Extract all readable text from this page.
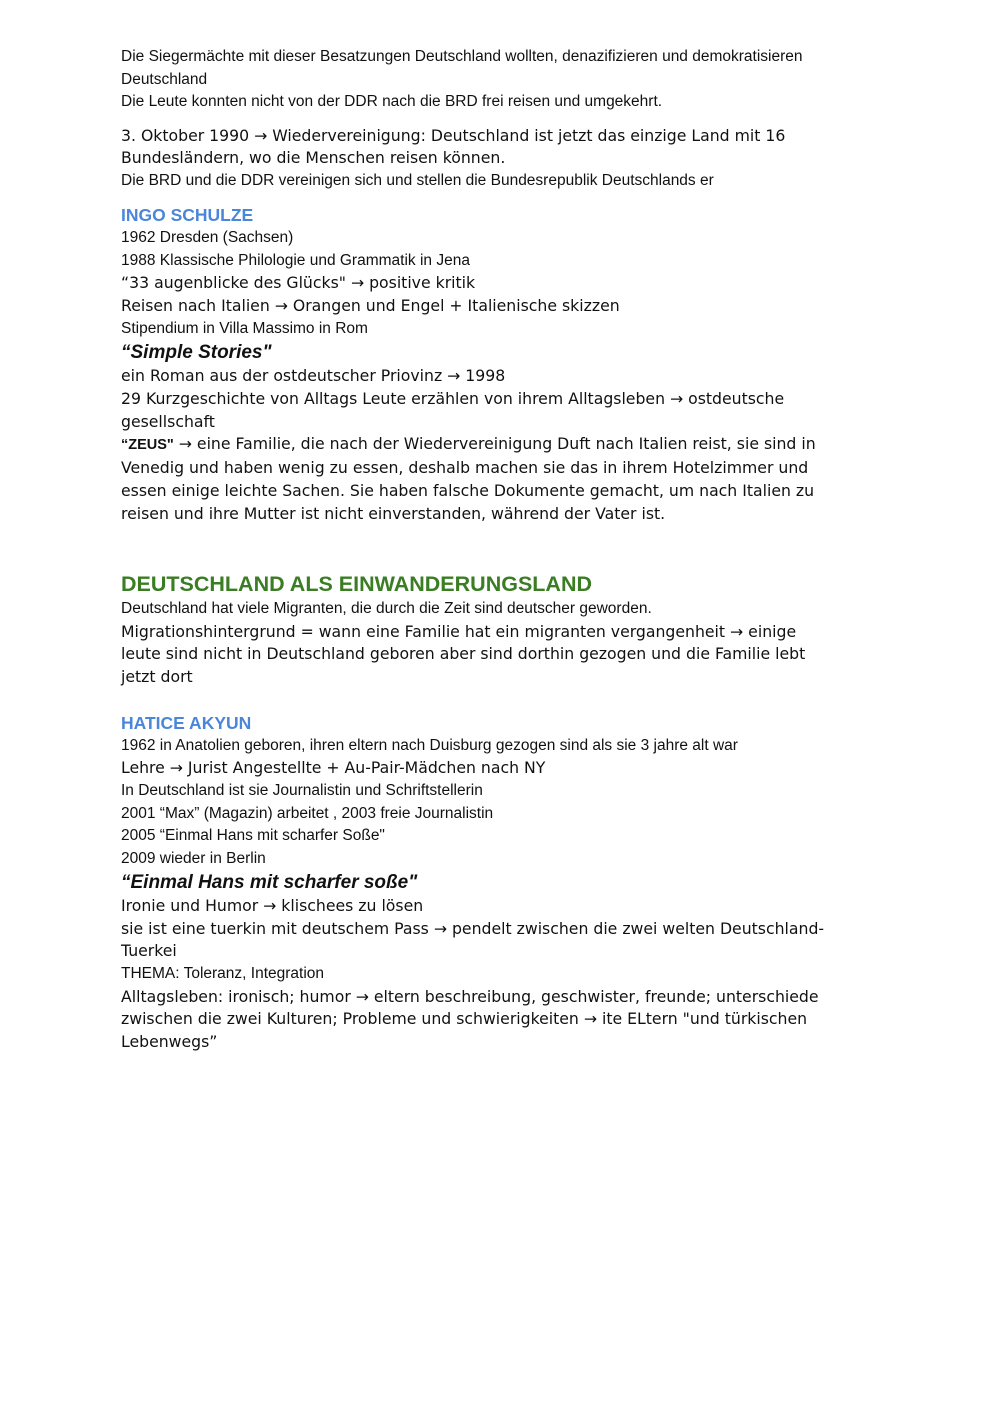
Die Siegermächte mit dieser Besatzungen Deutschland wollten, denazifizieren und demokratisieren
Deutschland
Die Leute konnten nicht von der DDR nach die BRD frei reisen und umgekehrt.
3. Oktober 1990 → Wiedervereinigung: Deutschland ist jetzt das einzige Land mit 16
Bundesländern, wo die Menschen reisen können.
Die BRD und die DDR vereinigen sich und stellen die Bundesrepublik Deutschlands er
INGO SCHULZE
1962 Dresden (Sachsen)
1988 Klassische Philologie und Grammatik in Jena
“33 augenblicke des Glücks" → positive kritik
Reisen nach Italien → Orangen und Engel + Italienische skizzen
Stipendium in Villa Massimo in Rom
“Simple Stories"
ein Roman aus der ostdeutscher Priovinz → 1998
29 Kurzgeschichte von Alltags Leute erzählen von ihrem Alltagsleben → ostdeutsche
gesellschaft
“ZEUS" → eine Familie, die nach der Wiedervereinigung Duft nach Italien reist, sie sind in
Venedig und haben wenig zu essen, deshalb machen sie das in ihrem Hotelzimmer und
essen einige leichte Sachen. Sie haben falsche Dokumente gemacht, um nach Italien zu
reisen und ihre Mutter ist nicht einverstanden, während der Vater ist.
DEUTSCHLAND ALS EINWANDERUNGSLAND
Deutschland hat viele Migranten, die durch die Zeit sind deutscher geworden.
Migrationshintergrund = wann eine Familie hat ein migranten vergangenheit → einige
leute sind nicht in Deutschland geboren aber sind dorthin gezogen und die Familie lebt
jetzt dort
HATICE AKYUN
1962 in Anatolien geboren, ihren eltern nach Duisburg gezogen sind als sie 3 jahre alt war
Lehre → Jurist Angestellte + Au-Pair-Mädchen nach NY
In Deutschland ist sie Journalistin und Schriftstellerin
2001 “Max” (Magazin) arbeitet , 2003 freie Journalistin
2005 “Einmal Hans mit scharfer Soße"
2009 wieder in Berlin
“Einmal Hans mit scharfer soße"
Ironie und Humor → klischees zu lösen
sie ist eine tuerkin mit deutschem Pass → pendelt zwischen die zwei welten Deutschland-
Tuerkei
THEMA: Toleranz, Integration
Alltagsleben: ironisch; humor → eltern beschreibung, geschwister, freunde; unterschiede
zwischen die zwei Kulturen; Probleme und schwierigkeiten → ite ELtern "und türkischen
Lebenwegs”
